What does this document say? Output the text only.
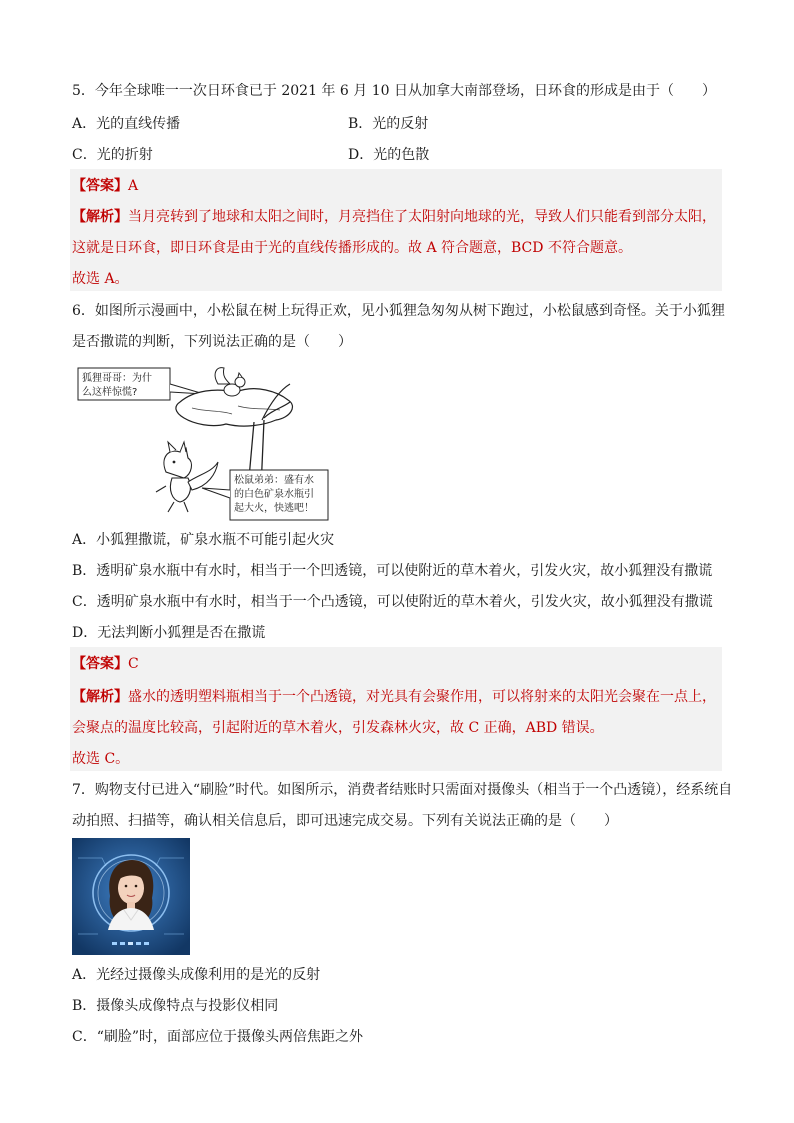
5．今年全球唯一一次日环食已于 2021 年 6 月 10 日从加拿大南部登场，日环食的形成是由于（　　）
A．光的直线传播	B．光的反射
C．光的折射	D．光的色散
【答案】A
【解析】当月亮转到了地球和太阳之间时，月亮挡住了太阳射向地球的光，导致人们只能看到部分太阳，
这就是日环食，即日环食是由于光的直线传播形成的。故 A 符合题意，BCD 不符合题意。
故选 A。
6．如图所示漫画中，小松鼠在树上玩得正欢，见小狐狸急匆匆从树下跑过，小松鼠感到奇怪。关于小狐狸
是否撒谎的判断，下列说法正确的是（　　）
狐狸哥哥：为什
么这样惊慌?
松鼠弟弟：盛有水
的白色矿泉水瓶引
起大火，快逃吧！
A．小狐狸撒谎，矿泉水瓶不可能引起火灾
B．透明矿泉水瓶中有水时，相当于一个凹透镜，可以使附近的草木着火，引发火灾，故小狐狸没有撒谎
C．透明矿泉水瓶中有水时，相当于一个凸透镜，可以使附近的草木着火，引发火灾，故小狐狸没有撒谎
D．无法判断小狐狸是否在撒谎
【答案】C
【解析】盛水的透明塑料瓶相当于一个凸透镜，对光具有会聚作用，可以将射来的太阳光会聚在一点上，
会聚点的温度比较高，引起附近的草木着火，引发森林火灾，故 C 正确，ABD 错误。
故选 C。
7．购物支付已进入“刷脸”时代。如图所示，消费者结账时只需面对摄像头（相当于一个凸透镜），经系统自
动拍照、扫描等，确认相关信息后，即可迅速完成交易。下列有关说法正确的是（　　）
A．光经过摄像头成像利用的是光的反射
B．摄像头成像特点与投影仪相同
C．“刷脸”时，面部应位于摄像头两倍焦距之外
